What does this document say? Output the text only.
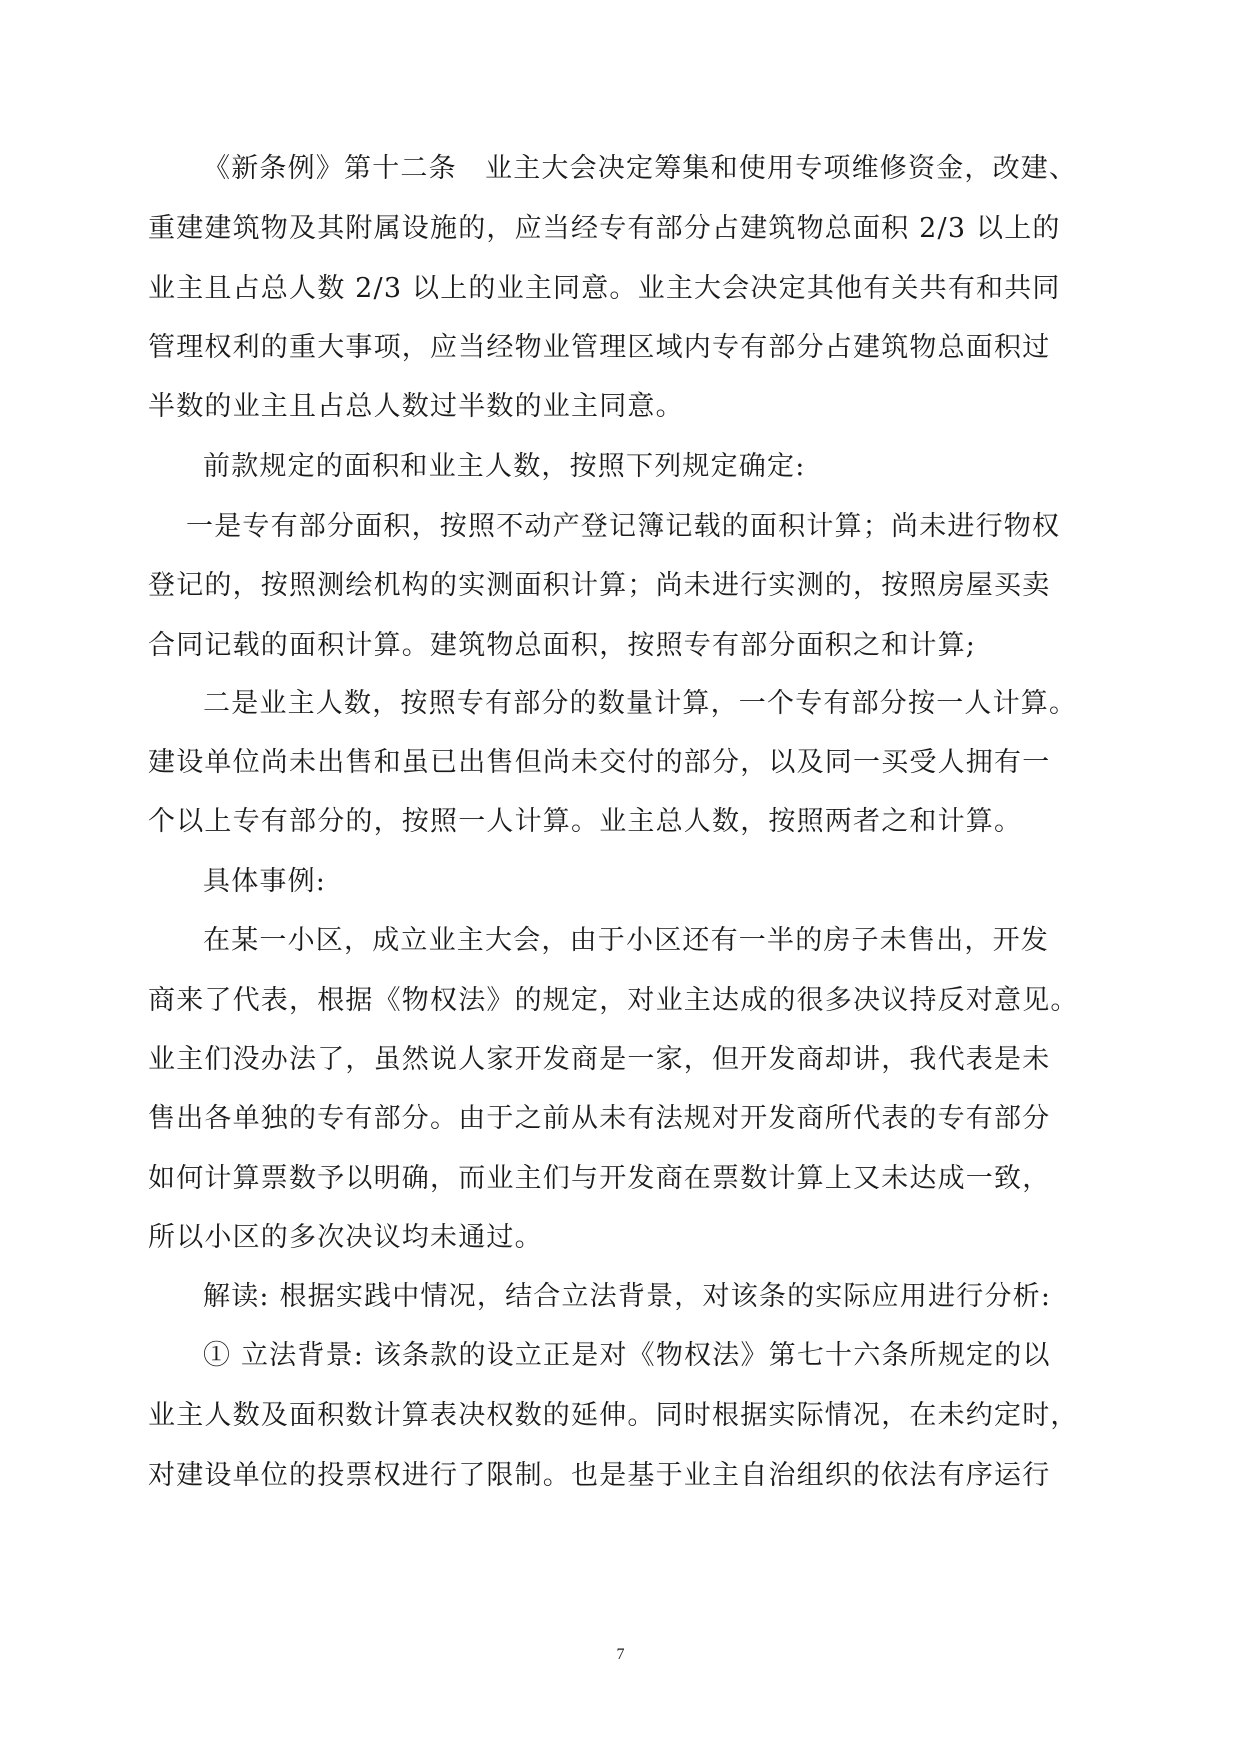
《新条例》第十二条　业主大会决定筹集和使用专项维修资金，改建、
重建建筑物及其附属设施的，应当经专有部分占建筑物总面积 2/3 以上的
业主且占总人数 2/3 以上的业主同意。业主大会决定其他有关共有和共同
管理权利的重大事项，应当经物业管理区域内专有部分占建筑物总面积过
半数的业主且占总人数过半数的业主同意。
前款规定的面积和业主人数，按照下列规定确定:
一是专有部分面积，按照不动产登记簿记载的面积计算；尚未进行物权
登记的，按照测绘机构的实测面积计算；尚未进行实测的，按照房屋买卖
合同记载的面积计算。建筑物总面积，按照专有部分面积之和计算;
二是业主人数，按照专有部分的数量计算，一个专有部分按一人计算。
建设单位尚未出售和虽已出售但尚未交付的部分，以及同一买受人拥有一
个以上专有部分的，按照一人计算。业主总人数，按照两者之和计算。
具体事例:
在某一小区，成立业主大会，由于小区还有一半的房子未售出，开发
商来了代表，根据《物权法》的规定，对业主达成的很多决议持反对意见。
业主们没办法了，虽然说人家开发商是一家，但开发商却讲，我代表是未
售出各单独的专有部分。由于之前从未有法规对开发商所代表的专有部分
如何计算票数予以明确，而业主们与开发商在票数计算上又未达成一致，
所以小区的多次决议均未通过。
解读: 根据实践中情况，结合立法背景，对该条的实际应用进行分析:
① 立法背景: 该条款的设立正是对《物权法》第七十六条所规定的以
业主人数及面积数计算表决权数的延伸。同时根据实际情况，在未约定时，
对建设单位的投票权进行了限制。也是基于业主自治组织的依法有序运行
7
